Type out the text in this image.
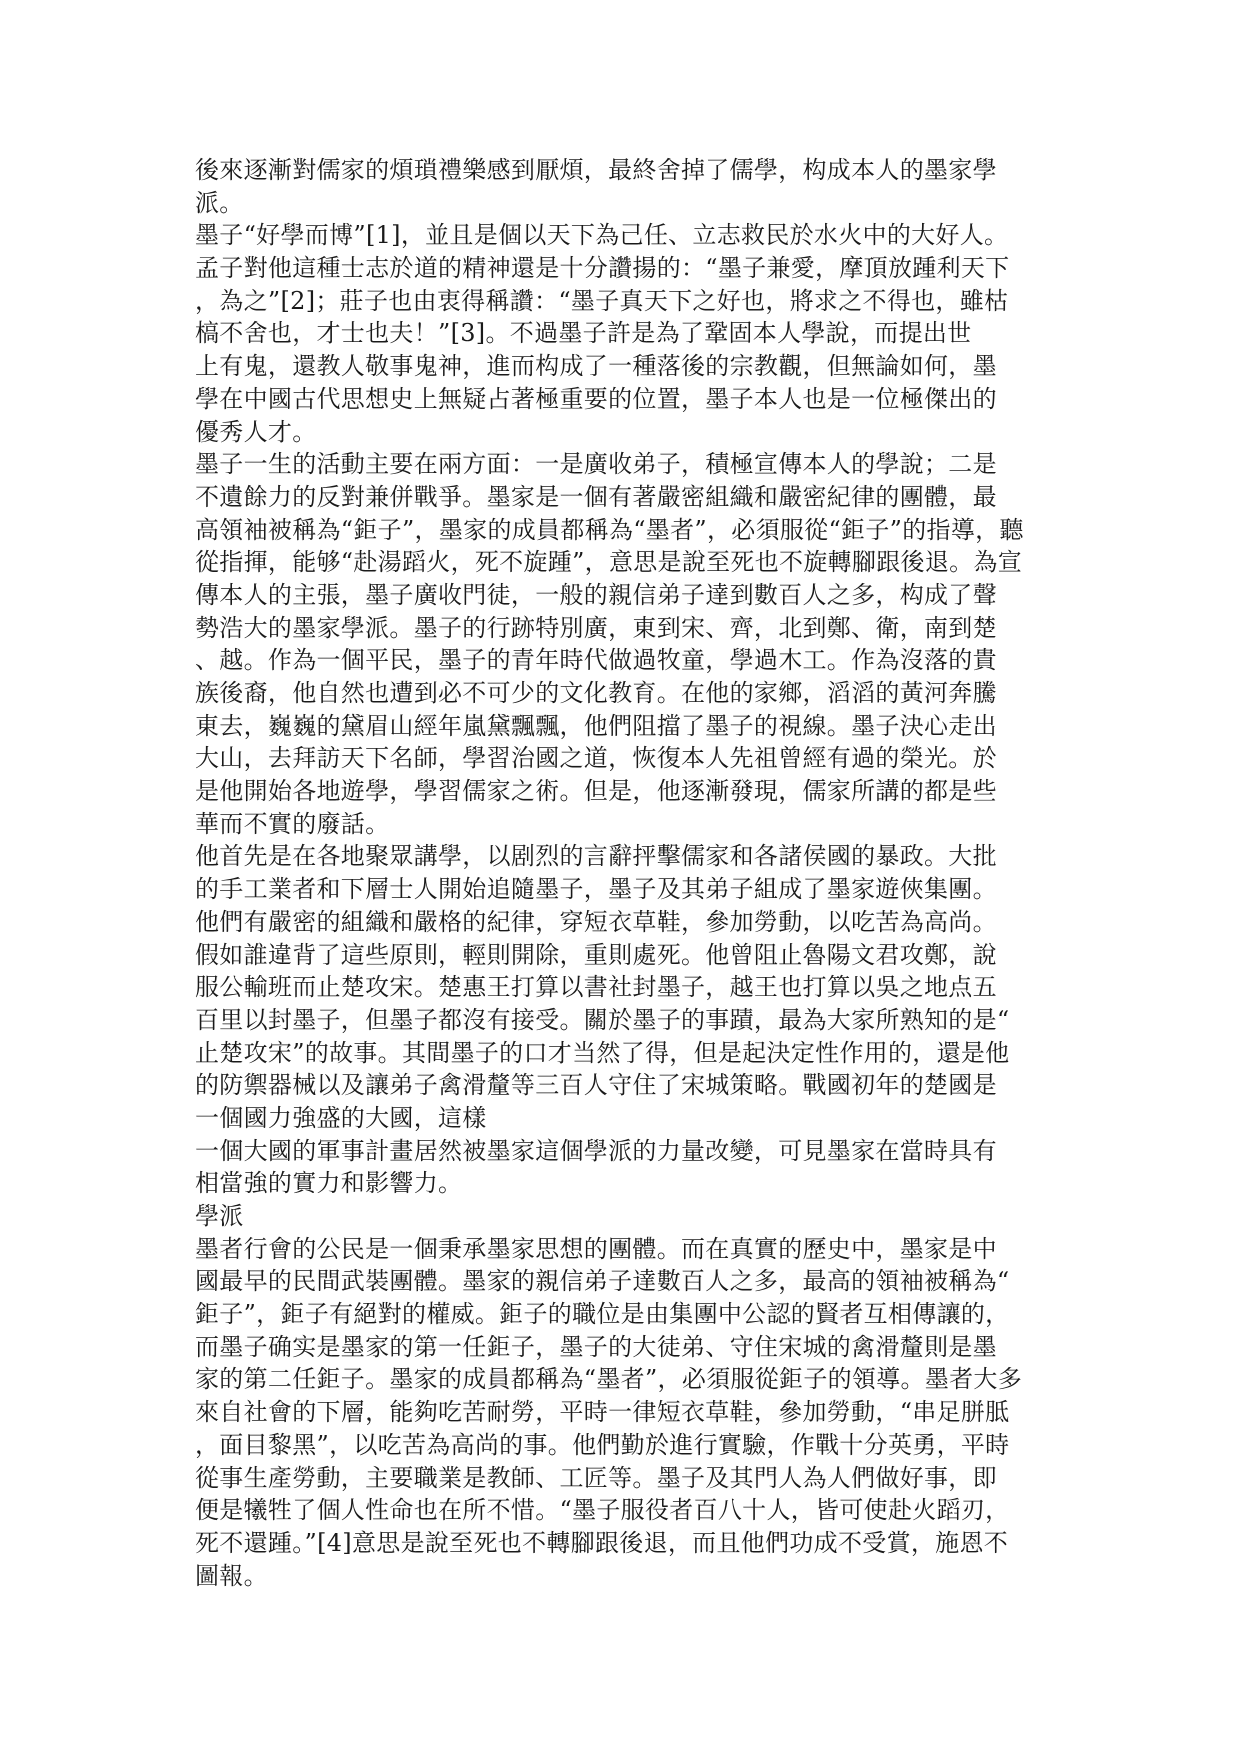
後來逐漸對儒家的煩瑣禮樂感到厭煩，最終舍掉了儒學，构成本人的墨家學
派。
墨子“好學而博”[1]，並且是個以天下為己任、立志救民於水火中的大好人。
孟子對他這種士志於道的精神還是十分讚揚的：“墨子兼愛，摩頂放踵利天下
，為之”[2]；莊子也由衷得稱讚：“墨子真天下之好也，將求之不得也，雖枯
槁不舍也，才士也夫！”[3]。不過墨子許是為了鞏固本人學說，而提出世
上有鬼，還教人敬事鬼神，進而构成了一種落後的宗教觀，但無論如何，墨
學在中國古代思想史上無疑占著極重要的位置，墨子本人也是一位極傑出的
優秀人才。
墨子一生的活動主要在兩方面：一是廣收弟子，積極宣傳本人的學說；二是
不遺餘力的反對兼併戰爭。墨家是一個有著嚴密組織和嚴密紀律的團體，最
高領袖被稱為“鉅子”，墨家的成員都稱為“墨者”，必須服從“鉅子”的指導，聽
從指揮，能够“赴湯蹈火，死不旋踵”，意思是說至死也不旋轉腳跟後退。為宣
傳本人的主張，墨子廣收門徒，一般的親信弟子達到數百人之多，构成了聲
勢浩大的墨家學派。墨子的行跡特別廣，東到宋、齊，北到鄭、衛，南到楚
、越。作為一個平民，墨子的青年時代做過牧童，學過木工。作為沒落的貴
族後裔，他自然也遭到必不可少的文化教育。在他的家鄉，滔滔的黃河奔騰
東去，巍巍的黛眉山經年嵐黛飄飄，他們阻擋了墨子的視線。墨子決心走出
大山，去拜訪天下名師，學習治國之道，恢復本人先祖曾經有過的榮光。於
是他開始各地遊學，學習儒家之術。但是，他逐漸發現，儒家所講的都是些
華而不實的廢話。
他首先是在各地聚眾講學，以剧烈的言辭抨擊儒家和各諸侯國的暴政。大批
的手工業者和下層士人開始追隨墨子，墨子及其弟子組成了墨家遊俠集團。
他們有嚴密的組織和嚴格的紀律，穿短衣草鞋，參加勞動，以吃苦為高尚。
假如誰違背了這些原則，輕則開除，重則處死。他曾阻止魯陽文君攻鄭，說
服公輸班而止楚攻宋。楚惠王打算以書社封墨子，越王也打算以吳之地点五
百里以封墨子，但墨子都沒有接受。關於墨子的事蹟，最為大家所熟知的是“
止楚攻宋”的故事。其間墨子的口才当然了得，但是起決定性作用的，還是他
的防禦器械以及讓弟子禽滑釐等三百人守住了宋城策略。戰國初年的楚國是
一個國力強盛的大國，這樣
一個大國的軍事計畫居然被墨家這個學派的力量改變，可見墨家在當時具有
相當強的實力和影響力。
學派
墨者行會的公民是一個秉承墨家思想的團體。而在真實的歷史中，墨家是中
國最早的民間武裝團體。墨家的親信弟子達數百人之多，最高的領袖被稱為“
鉅子”，鉅子有絕對的權威。鉅子的職位是由集團中公認的賢者互相傳讓的，
而墨子确实是墨家的第一任鉅子，墨子的大徒弟、守住宋城的禽滑釐則是墨
家的第二任鉅子。墨家的成員都稱為“墨者”，必須服從鉅子的領導。墨者大多
來自社會的下層，能夠吃苦耐勞，平時一律短衣草鞋，參加勞動，“串足胼胝
，面目黎黑”，以吃苦為高尚的事。他們勤於進行實驗，作戰十分英勇，平時
從事生產勞動，主要職業是教師、工匠等。墨子及其門人為人們做好事，即
便是犧牲了個人性命也在所不惜。“墨子服役者百八十人，皆可使赴火蹈刃，
死不還踵。”[4]意思是說至死也不轉腳跟後退，而且他們功成不受賞，施恩不
圖報。
